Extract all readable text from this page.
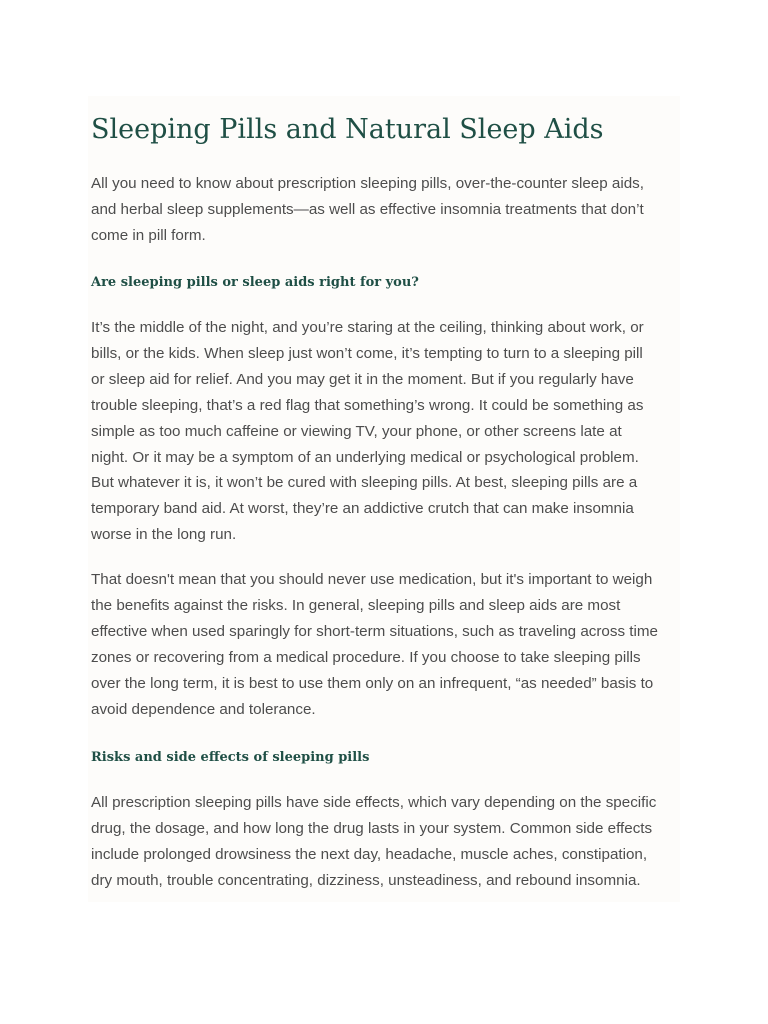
Sleeping Pills and Natural Sleep Aids

All you need to know about prescription sleeping pills, over-the-counter sleep aids,
and herbal sleep supplements—as well as effective insomnia treatments that don’t
come in pill form.

Are sleeping pills or sleep aids right for you?

It’s the middle of the night, and you’re staring at the ceiling, thinking about work, or
bills, or the kids. When sleep just won’t come, it’s tempting to turn to a sleeping pill
or sleep aid for relief. And you may get it in the moment. But if you regularly have
trouble sleeping, that’s a red flag that something’s wrong. It could be something as
simple as too much caffeine or viewing TV, your phone, or other screens late at
night. Or it may be a symptom of an underlying medical or psychological problem.
But whatever it is, it won’t be cured with sleeping pills. At best, sleeping pills are a
temporary band aid. At worst, they’re an addictive crutch that can make insomnia
worse in the long run.

That doesn't mean that you should never use medication, but it's important to weigh
the benefits against the risks. In general, sleeping pills and sleep aids are most
effective when used sparingly for short-term situations, such as traveling across time
zones or recovering from a medical procedure. If you choose to take sleeping pills
over the long term, it is best to use them only on an infrequent, “as needed” basis to
avoid dependence and tolerance.

Risks and side effects of sleeping pills

All prescription sleeping pills have side effects, which vary depending on the specific
drug, the dosage, and how long the drug lasts in your system. Common side effects
include prolonged drowsiness the next day, headache, muscle aches, constipation,
dry mouth, trouble concentrating, dizziness, unsteadiness, and rebound insomnia.
